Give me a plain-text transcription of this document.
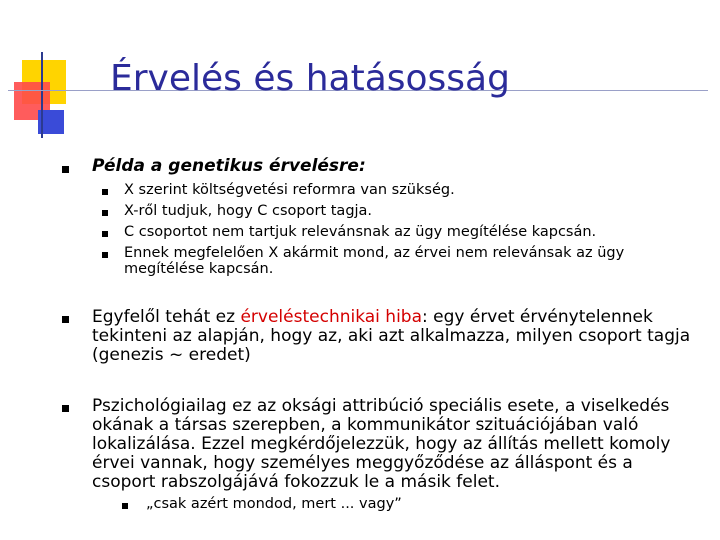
Érvelés és hatásosság

Példa a genetikus érvelésre:

X szerint költségvetési reformra van szükség.

X-ről tudjuk, hogy C csoport tagja.

C csoportot nem tartjuk relevánsnak az ügy megítélése kapcsán.

Ennek megfelelően X akármit mond, az érvei nem relevánsak az ügy megítélése kapcsán.

Egyfelől tehát ez érveléstechnikai hiba: egy érvet érvénytelennek tekinteni az alapján, hogy az, aki azt alkalmazza, milyen csoport tagja (genezis ~ eredet)

Pszichológiailag ez az oksági attribúció speciális esete, a viselkedés okának a társas szerepben, a kommunikátor szituációjában való lokalizálása. Ezzel megkérdőjelezzük, hogy az állítás mellett komoly érvei vannak, hogy személyes meggyőződése az álláspont és a csoport rabszolgájává fokozzuk le a másik felet.

„csak azért mondod, mert ... vagy”
